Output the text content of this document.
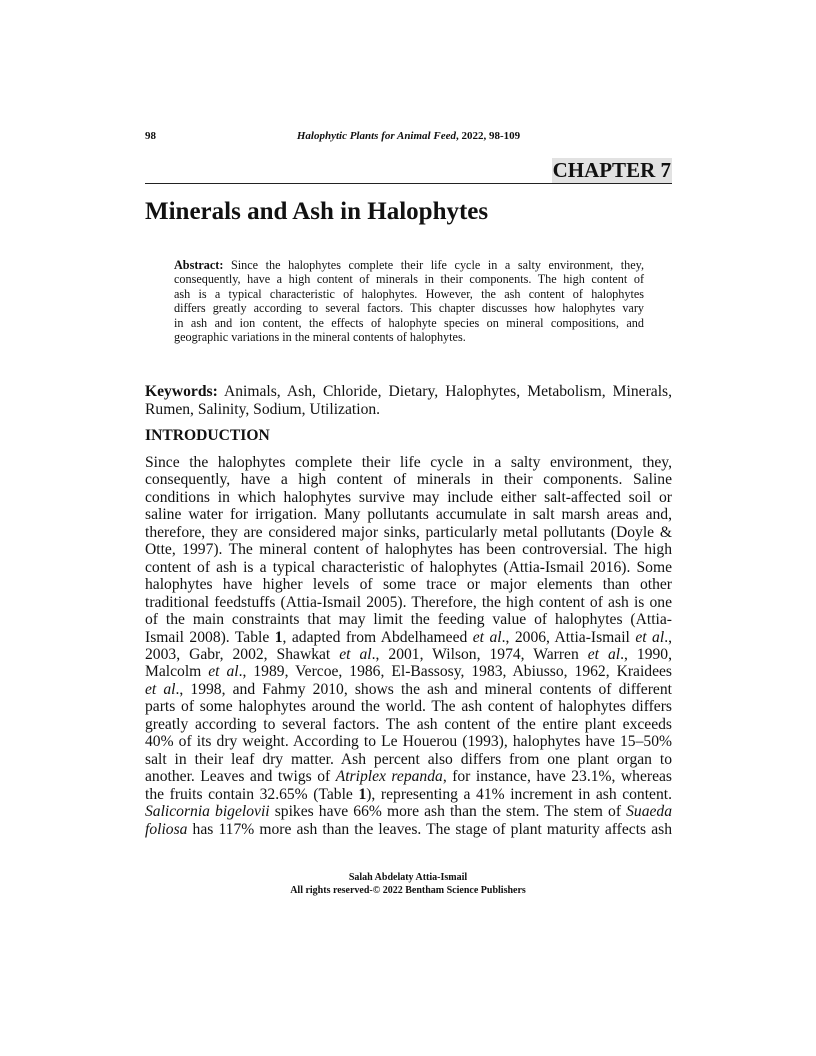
98	Halophytic Plants for Animal Feed, 2022, 98-109
CHAPTER 7
Minerals and Ash in Halophytes
Abstract: Since the halophytes complete their life cycle in a salty environment, they,
consequently, have a high content of minerals in their components. The high content of
ash is a typical characteristic of halophytes. However, the ash content of halophytes
differs greatly according to several factors. This chapter discusses how halophytes vary
in ash and ion content, the effects of halophyte species on mineral compositions, and
geographic variations in the mineral contents of halophytes.
Keywords: Animals, Ash, Chloride, Dietary, Halophytes, Metabolism, Minerals,
Rumen, Salinity, Sodium, Utilization.
INTRODUCTION
Since the halophytes complete their life cycle in a salty environment, they,
consequently, have a high content of minerals in their components. Saline
conditions in which halophytes survive may include either salt-affected soil or
saline water for irrigation. Many pollutants accumulate in salt marsh areas and,
therefore, they are considered major sinks, particularly metal pollutants (Doyle &
Otte, 1997). The mineral content of halophytes has been controversial. The high
content of ash is a typical characteristic of halophytes (Attia-Ismail 2016). Some
halophytes have higher levels of some trace or major elements than other
traditional feedstuffs (Attia-Ismail 2005). Therefore, the high content of ash is one
of the main constraints that may limit the feeding value of halophytes (Attia-
Ismail 2008). Table 1, adapted from Abdelhameed et al., 2006, Attia-Ismail et al.,
2003, Gabr, 2002, Shawkat et al., 2001, Wilson, 1974, Warren et al., 1990,
Malcolm et al., 1989, Vercoe, 1986, El-Bassosy, 1983, Abiusso, 1962, Kraidees
et al., 1998, and Fahmy 2010, shows the ash and mineral contents of different
parts of some halophytes around the world. The ash content of halophytes differs
greatly according to several factors. The ash content of the entire plant exceeds
40% of its dry weight. According to Le Houerou (1993), halophytes have 15–50%
salt in their leaf dry matter. Ash percent also differs from one plant organ to
another. Leaves and twigs of Atriplex repanda, for instance, have 23.1%, whereas
the fruits contain 32.65% (Table 1), representing a 41% increment in ash content.
Salicornia bigelovii spikes have 66% more ash than the stem. The stem of Suaeda
foliosa has 117% more ash than the leaves. The stage of plant maturity affects ash
Salah Abdelaty Attia-Ismail
All rights reserved-© 2022 Bentham Science Publishers
